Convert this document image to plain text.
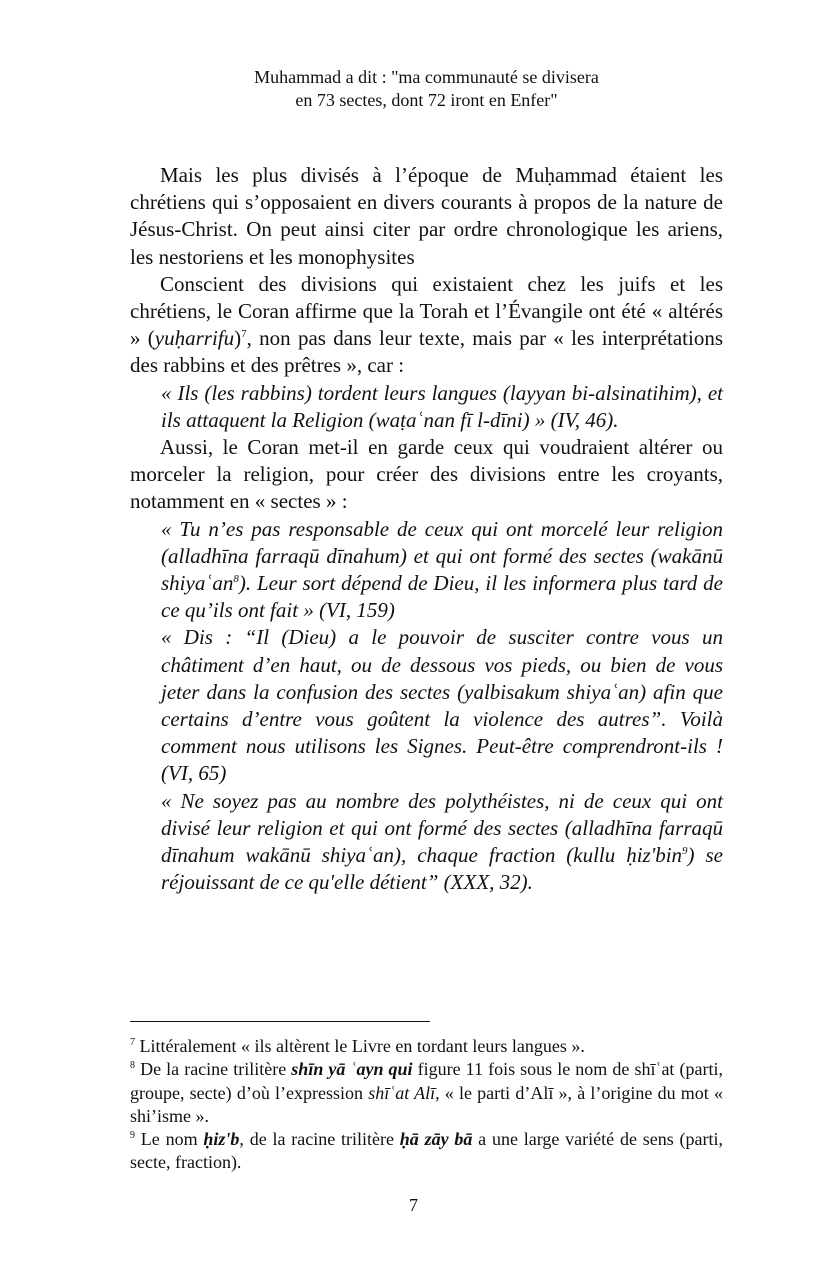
Muhammad a dit : "ma communauté se divisera
en 73 sectes, dont 72 iront en Enfer"

Mais les plus divisés à l’époque de Muḥammad étaient les chrétiens qui s’opposaient en divers courants à propos de la nature de Jésus-Christ. On peut ainsi citer par ordre chronologique les ariens, les nestoriens et les monophysites

Conscient des divisions qui existaient chez les juifs et les chrétiens, le Coran affirme que la Torah et l’Évangile ont été « altérés » (yuḥarrifu)$^7$, non pas dans leur texte, mais par « les interprétations des rabbins et des prêtres », car :

« Ils (les rabbins) tordent leurs langues (layyan bi-alsinatihim), et ils attaquent la Religion (waṭaʿnan fī l-dīni) » (IV, 46).

Aussi, le Coran met-il en garde ceux qui voudraient altérer ou morceler la religion, pour créer des divisions entre les croyants, notamment en « sectes » :

« Tu n’es pas responsable de ceux qui ont morcelé leur religion (alladhīna farraqū dīnahum) et qui ont formé des sectes (wakānū shiyaʿan$^8$). Leur sort dépend de Dieu, il les informera plus tard de ce qu’ils ont fait » (VI, 159)

« Dis : “Il (Dieu) a le pouvoir de susciter contre vous un châtiment d’en haut, ou de dessous vos pieds, ou bien de vous jeter dans la confusion des sectes (yalbisakum shiyaʿan) afin que certains d’entre vous goûtent la violence des autres”. Voilà comment nous utilisons les Signes. Peut-être comprendront-ils ! (VI, 65)

« Ne soyez pas au nombre des polythéistes, ni de ceux qui ont divisé leur religion et qui ont formé des sectes (alladhīna farraqū dīnahum wakānū shiyaʿan), chaque fraction (kullu ḥiz'bin$^9$) se réjouissant de ce qu'elle détient” (XXX, 32).

$^7$ Littéralement « ils altèrent le Livre en tordant leurs langues ».

$^8$ De la racine trilitère shīn yā ʿayn qui figure 11 fois sous le nom de shīʿat (parti, groupe, secte) d’où l’expression shīʿat Alī, « le parti d’Alī », à l’origine du mot « shi’isme ».

$^9$ Le nom ḥiz'b, de la racine trilitère ḥā zāy bā a une large variété de sens (parti, secte, fraction).

7
